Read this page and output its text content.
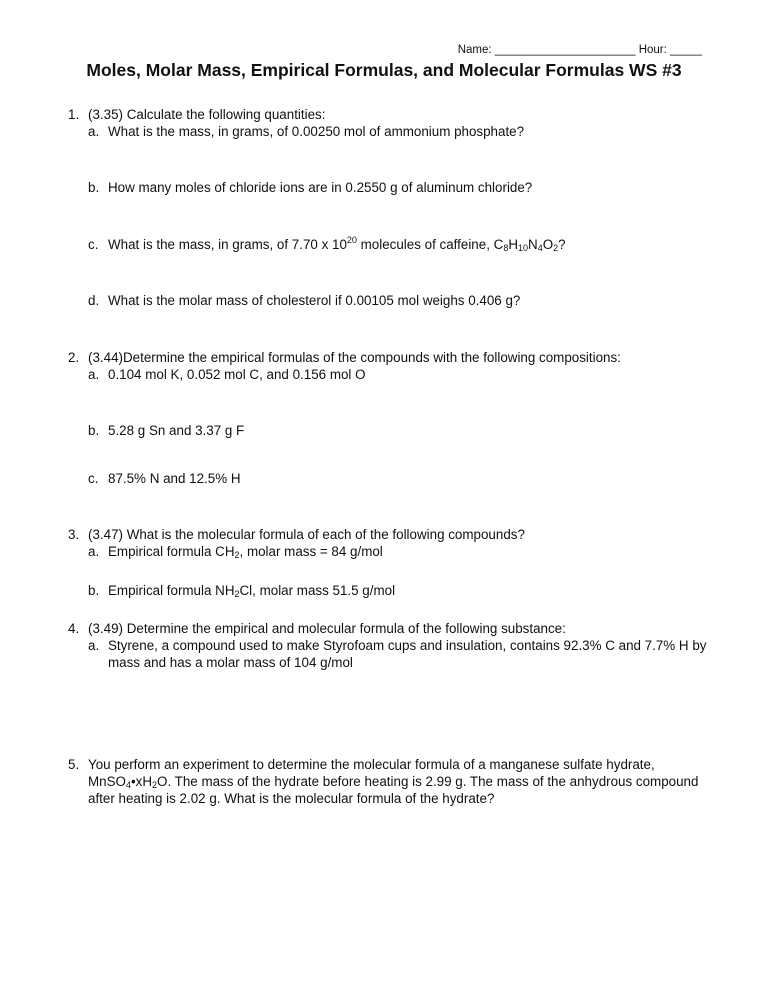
Name: ______________________ Hour: _____
Moles, Molar Mass, Empirical Formulas, and Molecular Formulas WS #3
1. (3.35) Calculate the following quantities:
a. What is the mass, in grams, of 0.00250 mol of ammonium phosphate?
b. How many moles of chloride ions are in 0.2550 g of aluminum chloride?
c. What is the mass, in grams, of 7.70 x $10^{20}$ molecules of caffeine, $C_8H_{10}N_4O_2$?
d. What is the molar mass of cholesterol if 0.00105 mol weighs 0.406 g?
2. (3.44)Determine the empirical formulas of the compounds with the following compositions:
a. 0.104 mol K, 0.052 mol C, and 0.156 mol O
b. 5.28 g Sn and 3.37 g F
c. 87.5% N and 12.5% H
3. (3.47) What is the molecular formula of each of the following compounds?
a. Empirical formula $CH_2$, molar mass = 84 g/mol
b. Empirical formula $NH_2Cl$, molar mass 51.5 g/mol
4. (3.49) Determine the empirical and molecular formula of the following substance:
a. Styrene, a compound used to make Styrofoam cups and insulation, contains 92.3% C and 7.7% H by mass and has a molar mass of 104 g/mol
5. You perform an experiment to determine the molecular formula of a manganese sulfate hydrate, $MnSO_4•xH_2O$. The mass of the hydrate before heating is 2.99 g. The mass of the anhydrous compound after heating is 2.02 g. What is the molecular formula of the hydrate?
